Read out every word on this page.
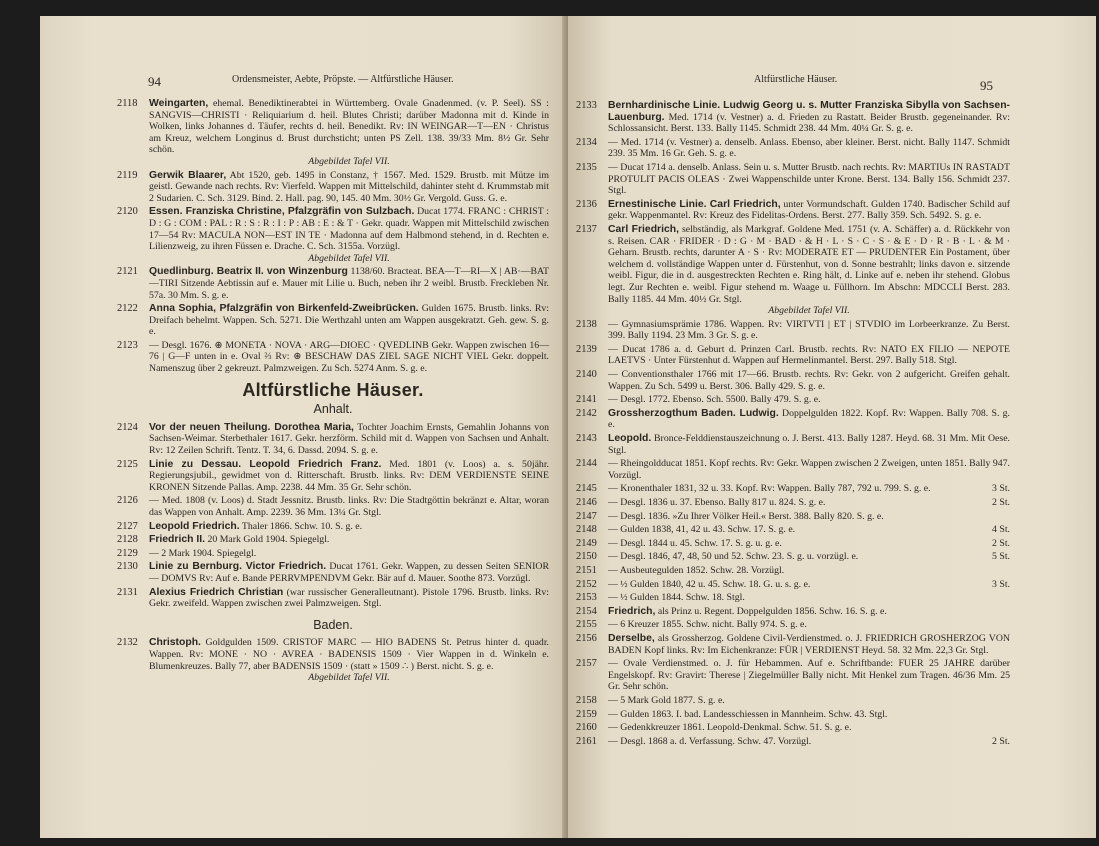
94	Ordensmeister, Aebte, Pröpste. — Altfürstliche Häuser.
2118 Weingarten, ehemal. Benediktinerabtei in Württemberg. Ovale Gnadenmed. (v. P. Seel). SS : SANGVIS—CHRISTI · Reliquiarium d. heil. Blutes Christi; darüber Madonna mit d. Kinde in Wolken, links Johannes d. Täufer, rechts d. heil. Benedikt. Rv: IN WEINGAR—T—EN · Christus am Kreuz, welchem Longinus d. Brust durchsticht; unten PS Zell. 138. 39/33 Mm. 8½ Gr. Sehr schön.
Abgebildet Tafel VII.
2119 Gerwik Blaarer, Abt 1520, geb. 1495 in Constanz, † 1567. Med. 1529. Brustb. mit Mütze im geistl. Gewande nach rechts. Rv: Vierfeld. Wappen mit Mittelschild, dahinter steht d. Krummstab mit 2 Sudarien. C. Sch. 3129. Bind. 2. Hall. pag. 90, 145. 40 Mm. 30½ Gr. Vergold. Guss. G. e.
2120 Essen. Franziska Christine, Pfalzgräfin von Sulzbach. Ducat 1774. FRANC : CHRIST : D : G : COM : PAL : R : S : R : I : P : AB : E : & T · Gekr. quadr. Wappen mit Mittelschild zwischen 17—54 Rv: MACULA NON—EST IN TE · Madonna auf dem Halbmond stehend, in d. Rechten e. Lilienzweig, zu ihren Füssen e. Drache. C. Sch. 3155a. Vorzügl.
Abgebildet Tafel VII.
2121 Quedlinburg. Beatrix II. von Winzenburg 1138/60. Bracteat. BEA—T—RI—X | AB·—BAT—TIRI Sitzende Aebtissin auf e. Mauer mit Lilie u. Buch, neben ihr 2 weibl. Brustb. Freckleben Nr. 57a. 30 Mm. S. g. e.
2122 Anna Sophia, Pfalzgräfin von Birkenfeld-Zweibrücken. Gulden 1675. Brustb. links. Rv: Dreifach behelmt. Wappen. Sch. 5271. Die Werthzahl unten am Wappen ausgekratzt. Geh. gew. S. g. e.
2123 — Desgl. 1676. ⊛ MONETA · NOVA · ARG—DIOEC · QVEDLINB Gekr. Wappen zwischen 16—76 | G—F unten in e. Oval ⅔ Rv: ⊛ BESCHAW DAS ZIEL SAGE NICHT VIEL Gekr. doppelt. Namenszug über 2 gekreuzt. Palmzweigen. Zu Sch. 5274 Anm. S. g. e.
Altfürstliche Häuser.
Anhalt.
2124 Vor der neuen Theilung. Dorothea Maria, Tochter Joachim Ernsts, Gemahlin Johanns von Sachsen-Weimar. Sterbethaler 1617. Gekr. herzförm. Schild mit d. Wappen von Sachsen und Anhalt. Rv: 12 Zeilen Schrift. Tentz. T. 34, 6. Dassd. 2094. S. g. e.
2125 Linie zu Dessau. Leopold Friedrich Franz. Med. 1801 (v. Loos) a. s. 50jähr. Regierungsjubil., gewidmet von d. Ritterschaft. Brustb. links. Rv: DEM VERDIENSTE SEINE KRONEN Sitzende Pallas. Amp. 2238. 44 Mm. 35 Gr. Sehr schön.
2126 — Med. 1808 (v. Loos) d. Stadt Jessnitz. Brustb. links. Rv: Die Stadtgöttin bekränzt e. Altar, woran das Wappen von Anhalt. Amp. 2239. 36 Mm. 13¼ Gr. Stgl.
2127 Leopold Friedrich. Thaler 1866. Schw. 10. S. g. e.
2128 Friedrich II. 20 Mark Gold 1904. Spiegelgl.
2129 — 2 Mark 1904. Spiegelgl.
2130 Linie zu Bernburg. Victor Friedrich. Ducat 1761. Gekr. Wappen, zu dessen Seiten SENIOR — DOMVS Rv: Auf e. Bande PERRVMPENDVM Gekr. Bär auf d. Mauer. Soothe 873. Vorzügl.
2131 Alexius Friedrich Christian (war russischer Generalleutnant). Pistole 1796. Brustb. links. Rv: Gekr. zweifeld. Wappen zwischen zwei Palmzweigen. Stgl.
Baden.
2132 Christoph. Goldgulden 1509. CRISTOF MARC — HIO BADENS St. Petrus hinter d. quadr. Wappen. Rv: MONE · NO · AVREA · BADENSIS 1509 · Vier Wappen in d. Winkeln e. Blumenkreuzes. Bally 77, aber BADENSIS 1509 · (statt » 1509 ∴ ) Berst. nicht. S. g. e.
Abgebildet Tafel VII.
Altfürstliche Häuser.	95
2133 Bernhardinische Linie. Ludwig Georg u. s. Mutter Franziska Sibylla von Sachsen-Lauenburg. Med. 1714 (v. Vestner) a. d. Frieden zu Rastatt. Beider Brustb. gegeneinander. Rv: Schlossansicht. Berst. 133. Bally 1145. Schmidt 238. 44 Mm. 40¼ Gr. S. g. e.
2134 — Med. 1714 (v. Vestner) a. denselb. Anlass. Ebenso, aber kleiner. Berst. nicht. Bally 1147. Schmidt 239. 35 Mm. 16 Gr. Geh. S. g. e.
2135 — Ducat 1714 a. denselb. Anlass. Sein u. s. Mutter Brustb. nach rechts. Rv: MARTIUs IN RASTADT PROTULIT PACIS OLEAS · Zwei Wappenschilde unter Krone. Berst. 134. Bally 156. Schmidt 237. Stgl.
2136 Ernestinische Linie. Carl Friedrich, unter Vormundschaft. Gulden 1740. Badischer Schild auf gekr. Wappenmantel. Rv: Kreuz des Fidelitas-Ordens. Berst. 277. Bally 359. Sch. 5492. S. g. e.
2137 Carl Friedrich, selbständig, als Markgraf. Goldene Med. 1751 (v. A. Schäffer) a. d. Rückkehr von s. Reisen. CAR · FRIDER · D : G · M · BAD · & H · L · S · C · S · & E · D · R · B · L · & M · Geharn. Brustb. rechts, darunter A · S · Rv: MODERATE ET — PRUDENTER Ein Postament, über welchem d. vollständige Wappen unter d. Fürstenhut, von d. Sonne bestrahlt; links davon e. sitzende weibl. Figur, die in d. ausgestreckten Rechten e. Ring hält, d. Linke auf e. neben ihr stehend. Globus legt. Zur Rechten e. weibl. Figur stehend m. Waage u. Füllhorn. Im Abschn: MDCCLI Berst. 283. Bally 1185. 44 Mm. 40½ Gr. Stgl.
Abgebildet Tafel VII.
2138 — Gymnasiumsprämie 1786. Wappen. Rv: VIRTVTI | ET | STVDIO im Lorbeerkranze. Zu Berst. 399. Bally 1194. 23 Mm. 3 Gr. S. g. e.
2139 — Ducat 1786 a. d. Geburt d. Prinzen Carl. Brustb. rechts. Rv: NATO EX FILIO — NEPOTE LAETVS · Unter Fürstenhut d. Wappen auf Hermelinmantel. Berst. 297. Bally 518. Stgl.
2140 — Conventionsthaler 1766 mit 17—66. Brustb. rechts. Rv: Gekr. von 2 aufgericht. Greifen gehalt. Wappen. Zu Sch. 5499 u. Berst. 306. Bally 429. S. g. e.
2141 — Desgl. 1772. Ebenso. Sch. 5500. Bally 479. S. g. e.
2142 Grossherzogthum Baden. Ludwig. Doppelgulden 1822. Kopf. Rv: Wappen. Bally 708. S. g. e.
2143 Leopold. Bronce-Felddienstauszeichnung o. J. Berst. 413. Bally 1287. Heyd. 68. 31 Mm. Mit Oese. Stgl.
2144 — Rheingoldducat 1851. Kopf rechts. Rv: Gekr. Wappen zwischen 2 Zweigen, unten 1851. Bally 947. Vorzügl.
2145 — Kronenthaler 1831, 32 u. 33. Kopf. Rv: Wappen. Bally 787, 792 u. 799. S. g. e.	3 St.
2146 — Desgl. 1836 u. 37. Ebenso. Bally 817 u. 824. S. g. e.	2 St.
2147 — Desgl. 1836. »Zu Ihrer Völker Heil.« Berst. 388. Bally 820. S. g. e.
2148 — Gulden 1838, 41, 42 u. 43. Schw. 17. S. g. e.	4 St.
2149 — Desgl. 1844 u. 45. Schw. 17. S. g. u. g. e.	2 St.
2150 — Desgl. 1846, 47, 48, 50 und 52. Schw. 23. S. g. u. vorzügl. e.	5 St.
2151 — Ausbeutegulden 1852. Schw. 28. Vorzügl.
2152 — ½ Gulden 1840, 42 u. 45. Schw. 18. G. u. s. g. e.	3 St.
2153 — ½ Gulden 1844. Schw. 18. Stgl.
2154 Friedrich, als Prinz u. Regent. Doppelgulden 1856. Schw. 16. S. g. e.
2155 — 6 Kreuzer 1855. Schw. nicht. Bally 974. S. g. e.
2156 Derselbe, als Grossherzog. Goldene Civil-Verdienstmed. o. J. FRIEDRICH GROSHERZOG VON BADEN Kopf links. Rv: Im Eichenkranze: FÜR | VERDIENST Heyd. 58. 32 Mm. 22,3 Gr. Stgl.
2157 — Ovale Verdienstmed. o. J. für Hebammen. Auf e. Schriftbande: FUER 25 JAHRE darüber Engelskopf. Rv: Gravirt: Therese | Ziegelmüller Bally nicht. Mit Henkel zum Tragen. 46/36 Mm. 25 Gr. Sehr schön.
2158 — 5 Mark Gold 1877. S. g. e.
2159 — Gulden 1863. I. bad. Landesschiessen in Mannheim. Schw. 43. Stgl.
2160 — Gedenkkreuzer 1861. Leopold-Denkmal. Schw. 51. S. g. e.
2161 — Desgl. 1868 a. d. Verfassung. Schw. 47. Vorzügl.	2 St.
